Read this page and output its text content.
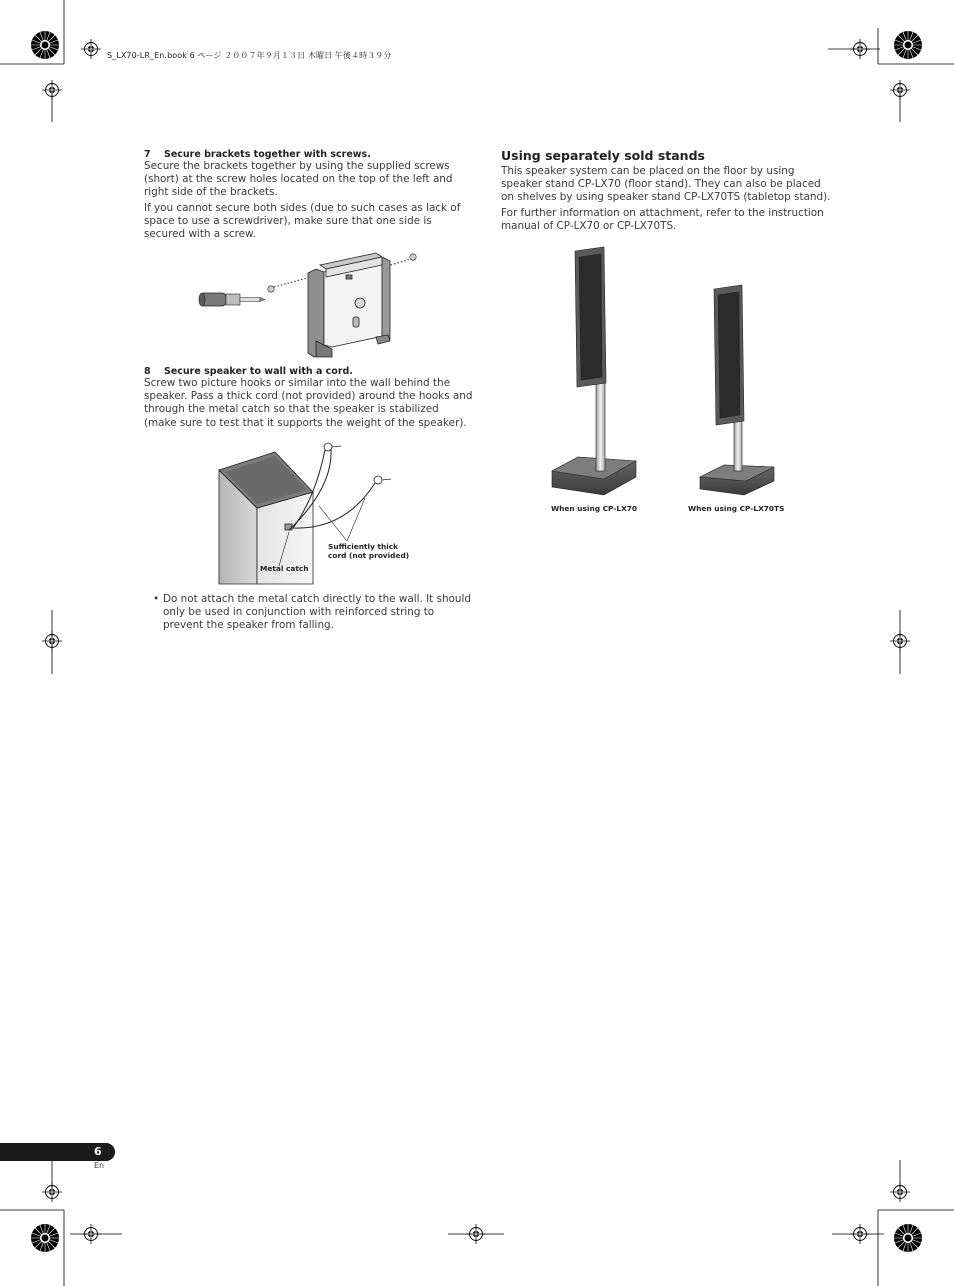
S_LX70-LR_En.book 6 ページ ２００７年９月１３日 木曜日 午後４時３９分
7 Secure brackets together with screws.

Secure the brackets together by using the supplied screws (short) at the screw holes located on the top of the left and right side of the brackets.

If you cannot secure both sides (due to such cases as lack of space to use a screwdriver), make sure that one side is secured with a screw.

8 Secure speaker to wall with a cord.

Screw two picture hooks or similar into the wall behind the speaker. Pass a thick cord (not provided) around the hooks and through the metal catch so that the speaker is stabilized (make sure to test that it supports the weight of the speaker).

Metal catch
Sufficiently thick
cord (not provided)
• Do not attach the metal catch directly to the wall. It should only be used in conjunction with reinforced string to prevent the speaker from falling.
Using separately sold stands

This speaker system can be placed on the floor by using speaker stand CP-LX70 (floor stand). They can also be placed on shelves by using speaker stand CP-LX70TS (tabletop stand).

For further information on attachment, refer to the instruction manual of CP-LX70 or CP-LX70TS.

When using CP-LX70	When using CP-LX70TS
6
En
